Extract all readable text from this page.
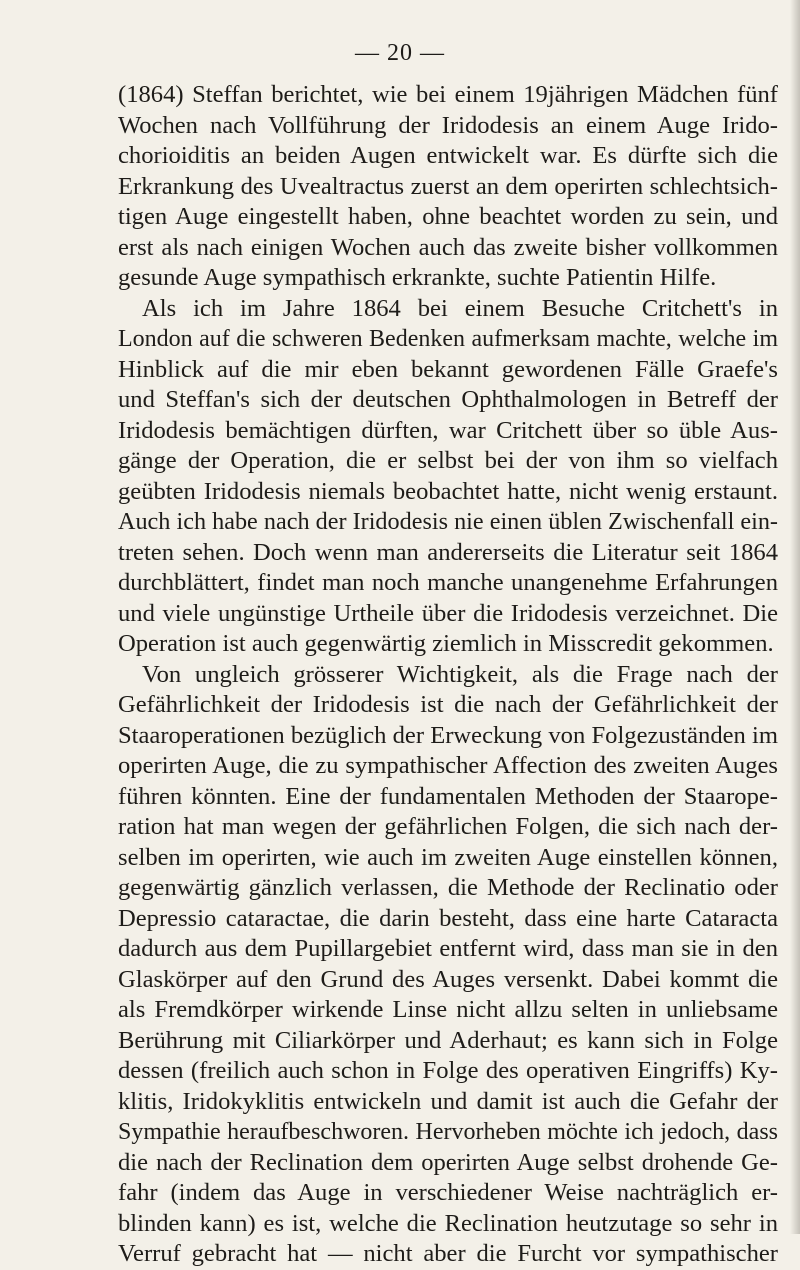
— 20 —
(1864) Steffan berichtet, wie bei einem 19jährigen Mädchen fünf
Wochen nach Vollführung der Iridodesis an einem Auge Irido-
chorioiditis an beiden Augen entwickelt war. Es dürfte sich die
Erkrankung des Uvealtractus zuerst an dem operirten schlechtsich-
tigen Auge eingestellt haben, ohne beachtet worden zu sein, und
erst als nach einigen Wochen auch das zweite bisher vollkommen
gesunde Auge sympathisch erkrankte, suchte Patientin Hilfe.
Als ich im Jahre 1864 bei einem Besuche Critchett's in
London auf die schweren Bedenken aufmerksam machte, welche im
Hinblick auf die mir eben bekannt gewordenen Fälle Graefe's
und Steffan's sich der deutschen Ophthalmologen in Betreff der
Iridodesis bemächtigen dürften, war Critchett über so üble Aus-
gänge der Operation, die er selbst bei der von ihm so vielfach
geübten Iridodesis niemals beobachtet hatte, nicht wenig erstaunt.
Auch ich habe nach der Iridodesis nie einen üblen Zwischenfall ein-
treten sehen. Doch wenn man andererseits die Literatur seit 1864
durchblättert, findet man noch manche unangenehme Erfahrungen
und viele ungünstige Urtheile über die Iridodesis verzeichnet. Die
Operation ist auch gegenwärtig ziemlich in Misscredit gekommen.
Von ungleich grösserer Wichtigkeit, als die Frage nach der
Gefährlichkeit der Iridodesis ist die nach der Gefährlichkeit der
Staaroperationen bezüglich der Erweckung von Folgezuständen im
operirten Auge, die zu sympathischer Affection des zweiten Auges
führen könnten. Eine der fundamentalen Methoden der Staarope-
ration hat man wegen der gefährlichen Folgen, die sich nach der-
selben im operirten, wie auch im zweiten Auge einstellen können,
gegenwärtig gänzlich verlassen, die Methode der Reclinatio oder
Depressio cataractae, die darin besteht, dass eine harte Cataracta
dadurch aus dem Pupillargebiet entfernt wird, dass man sie in den
Glaskörper auf den Grund des Auges versenkt. Dabei kommt die
als Fremdkörper wirkende Linse nicht allzu selten in unliebsame
Berührung mit Ciliarkörper und Aderhaut; es kann sich in Folge
dessen (freilich auch schon in Folge des operativen Eingriffs) Ky-
klitis, Iridokyklitis entwickeln und damit ist auch die Gefahr der
Sympathie heraufbeschworen. Hervorheben möchte ich jedoch, dass
die nach der Reclination dem operirten Auge selbst drohende Ge-
fahr (indem das Auge in verschiedener Weise nachträglich er-
blinden kann) es ist, welche die Reclination heutzutage so sehr in
Verruf gebracht hat — nicht aber die Furcht vor sympathischer
